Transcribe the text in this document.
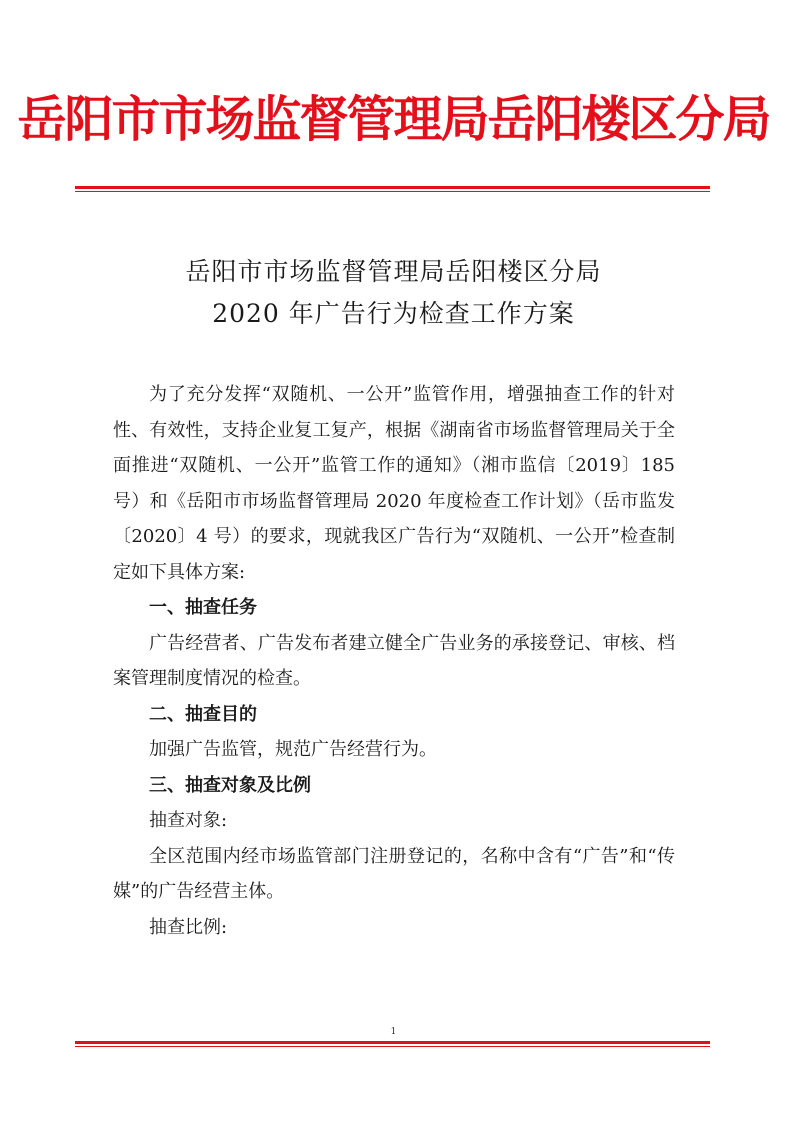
岳阳市市场监督管理局岳阳楼区分局
岳阳市市场监督管理局岳阳楼区分局
2020 年广告行为检查工作方案

为了充分发挥“双随机、一公开”监管作用，增强抽查工作的针对性、有效性，支持企业复工复产，根据《湖南省市场监督管理局关于全面推进“双随机、一公开”监管工作的通知》（湘市监信〔2019〕185 号）和《岳阳市市场监督管理局 2020 年度检查工作计划》（岳市监发〔2020〕4 号）的要求，现就我区广告行为“双随机、一公开”检查制定如下具体方案:

一、抽查任务

广告经营者、广告发布者建立健全广告业务的承接登记、审核、档案管理制度情况的检查。

二、抽查目的

加强广告监管，规范广告经营行为。

三、抽查对象及比例

抽查对象:

全区范围内经市场监管部门注册登记的，名称中含有“广告”和“传媒”的广告经营主体。

抽查比例:

1
